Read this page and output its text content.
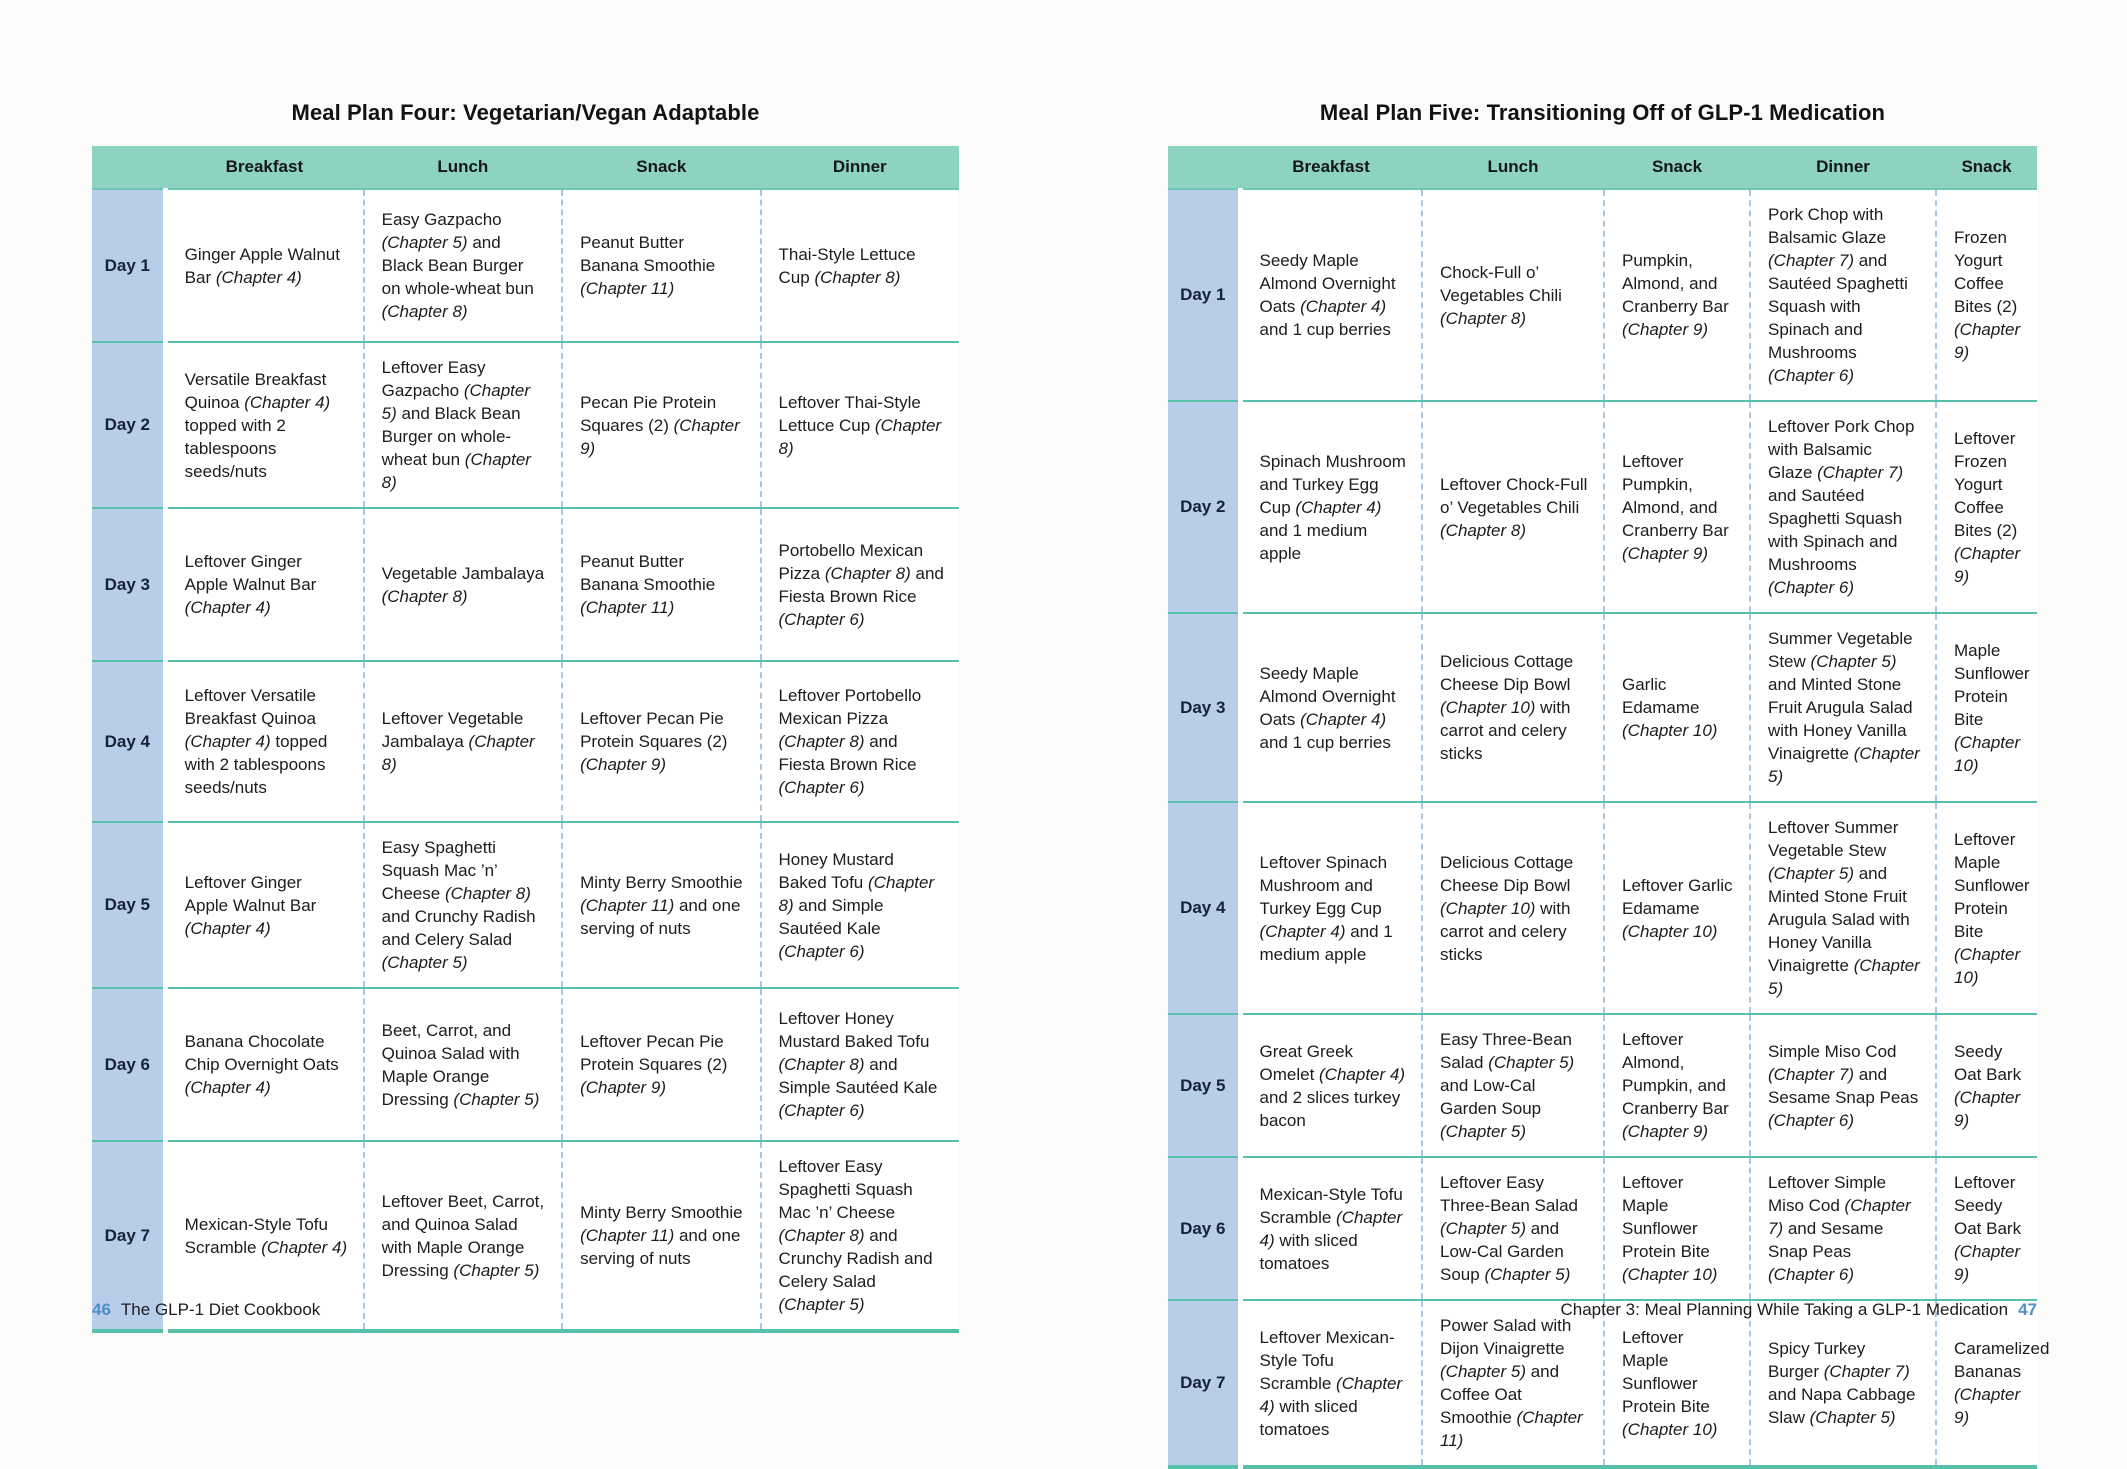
Meal Plan Four: Vegetarian/Vegan Adaptable
	Breakfast	Lunch	Snack	Dinner
Day 1	Ginger Apple Walnut Bar (Chapter 4)	Easy Gazpacho (Chapter 5) and Black Bean Burger on whole-wheat bun (Chapter 8)	Peanut Butter Banana Smoothie (Chapter 11)	Thai-Style Lettuce Cup (Chapter 8)
Day 2	Versatile Breakfast Quinoa (Chapter 4) topped with 2 tablespoons seeds/nuts	Leftover Easy Gazpacho (Chapter 5) and Black Bean Burger on whole-wheat bun (Chapter 8)	Pecan Pie Protein Squares (2) (Chapter 9)	Leftover Thai-Style Lettuce Cup (Chapter 8)
Day 3	Leftover Ginger Apple Walnut Bar (Chapter 4)	Vegetable Jambalaya (Chapter 8)	Peanut Butter Banana Smoothie (Chapter 11)	Portobello Mexican Pizza (Chapter 8) and Fiesta Brown Rice (Chapter 6)
Day 4	Leftover Versatile Breakfast Quinoa (Chapter 4) topped with 2 tablespoons seeds/nuts	Leftover Vegetable Jambalaya (Chapter 8)	Leftover Pecan Pie Protein Squares (2) (Chapter 9)	Leftover Portobello Mexican Pizza (Chapter 8) and Fiesta Brown Rice (Chapter 6)
Day 5	Leftover Ginger Apple Walnut Bar (Chapter 4)	Easy Spaghetti Squash Mac ’n’ Cheese (Chapter 8) and Crunchy Radish and Celery Salad (Chapter 5)	Minty Berry Smoothie (Chapter 11) and one serving of nuts	Honey Mustard Baked Tofu (Chapter 8) and Simple Sautéed Kale (Chapter 6)
Day 6	Banana Chocolate Chip Overnight Oats (Chapter 4)	Beet, Carrot, and Quinoa Salad with Maple Orange Dressing (Chapter 5)	Leftover Pecan Pie Protein Squares (2) (Chapter 9)	Leftover Honey Mustard Baked Tofu (Chapter 8) and Simple Sautéed Kale (Chapter 6)
Day 7	Mexican-Style Tofu Scramble (Chapter 4)	Leftover Beet, Carrot, and Quinoa Salad with Maple Orange Dressing (Chapter 5)	Minty Berry Smoothie (Chapter 11) and one serving of nuts	Leftover Easy Spaghetti Squash Mac ’n’ Cheese (Chapter 8) and Crunchy Radish and Celery Salad (Chapter 5)
46 The GLP-1 Diet Cookbook
Meal Plan Five: Transitioning Off of GLP-1 Medication
	Breakfast	Lunch	Snack	Dinner	Snack
Day 1	Seedy Maple Almond Overnight Oats (Chapter 4) and 1 cup berries	Chock-Full o’ Vegetables Chili (Chapter 8)	Pumpkin, Almond, and Cranberry Bar (Chapter 9)	Pork Chop with Balsamic Glaze (Chapter 7) and Sautéed Spaghetti Squash with Spinach and Mushrooms (Chapter 6)	Frozen Yogurt Coffee Bites (2) (Chapter 9)
Day 2	Spinach Mushroom and Turkey Egg Cup (Chapter 4) and 1 medium apple	Leftover Chock-Full o’ Vegetables Chili (Chapter 8)	Leftover Pumpkin, Almond, and Cranberry Bar (Chapter 9)	Leftover Pork Chop with Balsamic Glaze (Chapter 7) and Sautéed Spaghetti Squash with Spinach and Mushrooms (Chapter 6)	Leftover Frozen Yogurt Coffee Bites (2) (Chapter 9)
Day 3	Seedy Maple Almond Overnight Oats (Chapter 4) and 1 cup berries	Delicious Cottage Cheese Dip Bowl (Chapter 10) with carrot and celery sticks	Garlic Edamame (Chapter 10)	Summer Vegetable Stew (Chapter 5) and Minted Stone Fruit Arugula Salad with Honey Vanilla Vinaigrette (Chapter 5)	Maple Sunflower Protein Bite (Chapter 10)
Day 4	Leftover Spinach Mushroom and Turkey Egg Cup (Chapter 4) and 1 medium apple	Delicious Cottage Cheese Dip Bowl (Chapter 10) with carrot and celery sticks	Leftover Garlic Edamame (Chapter 10)	Leftover Summer Vegetable Stew (Chapter 5) and Minted Stone Fruit Arugula Salad with Honey Vanilla Vinaigrette (Chapter 5)	Leftover Maple Sunflower Protein Bite (Chapter 10)
Day 5	Great Greek Omelet (Chapter 4) and 2 slices turkey bacon	Easy Three-Bean Salad (Chapter 5) and Low-Cal Garden Soup (Chapter 5)	Leftover Almond, Pumpkin, and Cranberry Bar (Chapter 9)	Simple Miso Cod (Chapter 7) and Sesame Snap Peas (Chapter 6)	Seedy Oat Bark (Chapter 9)
Day 6	Mexican-Style Tofu Scramble (Chapter 4) with sliced tomatoes	Leftover Easy Three-Bean Salad (Chapter 5) and Low-Cal Garden Soup (Chapter 5)	Leftover Maple Sunflower Protein Bite (Chapter 10)	Leftover Simple Miso Cod (Chapter 7) and Sesame Snap Peas (Chapter 6)	Leftover Seedy Oat Bark (Chapter 9)
Day 7	Leftover Mexican-Style Tofu Scramble (Chapter 4) with sliced tomatoes	Power Salad with Dijon Vinaigrette (Chapter 5) and Coffee Oat Smoothie (Chapter 11)	Leftover Maple Sunflower Protein Bite (Chapter 10)	Spicy Turkey Burger (Chapter 7) and Napa Cabbage Slaw (Chapter 5)	Caramelized Bananas (Chapter 9)
Chapter 3: Meal Planning While Taking a GLP-1 Medication 47
